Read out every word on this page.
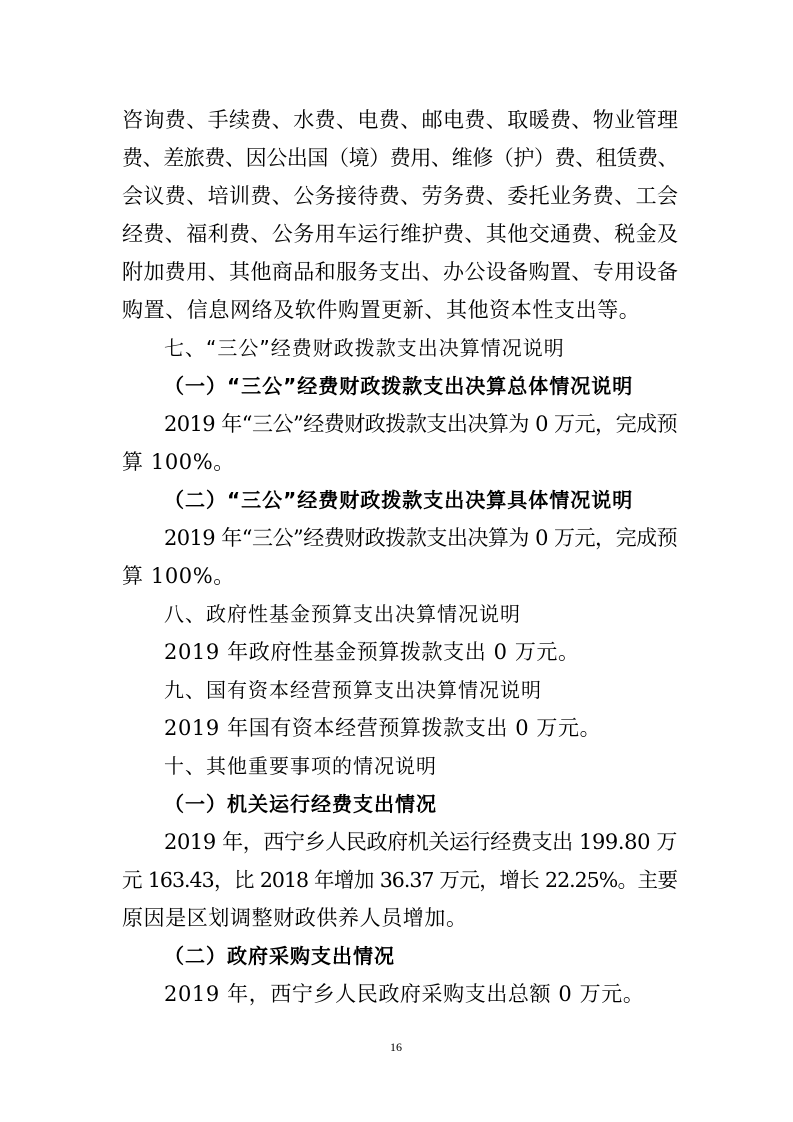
咨询费、手续费、水费、电费、邮电费、取暖费、物业管理
费、差旅费、因公出国（境）费用、维修（护）费、租赁费、
会议费、培训费、公务接待费、劳务费、委托业务费、工会
经费、福利费、公务用车运行维护费、其他交通费、税金及
附加费用、其他商品和服务支出、办公设备购置、专用设备
购置、信息网络及软件购置更新、其他资本性支出等。
七、“三公”经费财政拨款支出决算情况说明
（一）“三公”经费财政拨款支出决算总体情况说明
2019 年“三公”经费财政拨款支出决算为 0 万元，完成预
算 100%。
（二）“三公”经费财政拨款支出决算具体情况说明
2019 年“三公”经费财政拨款支出决算为 0 万元，完成预
算 100%。
八、政府性基金预算支出决算情况说明
2019 年政府性基金预算拨款支出 0 万元。
九、国有资本经营预算支出决算情况说明
2019 年国有资本经营预算拨款支出 0 万元。
十、其他重要事项的情况说明
（一）机关运行经费支出情况
2019 年，西宁乡人民政府机关运行经费支出 199.80 万
元 163.43，比 2018 年增加 36.37 万元，增长 22.25%。主要
原因是区划调整财政供养人员增加。
（二）政府采购支出情况
2019 年，西宁乡人民政府采购支出总额 0 万元。
16
